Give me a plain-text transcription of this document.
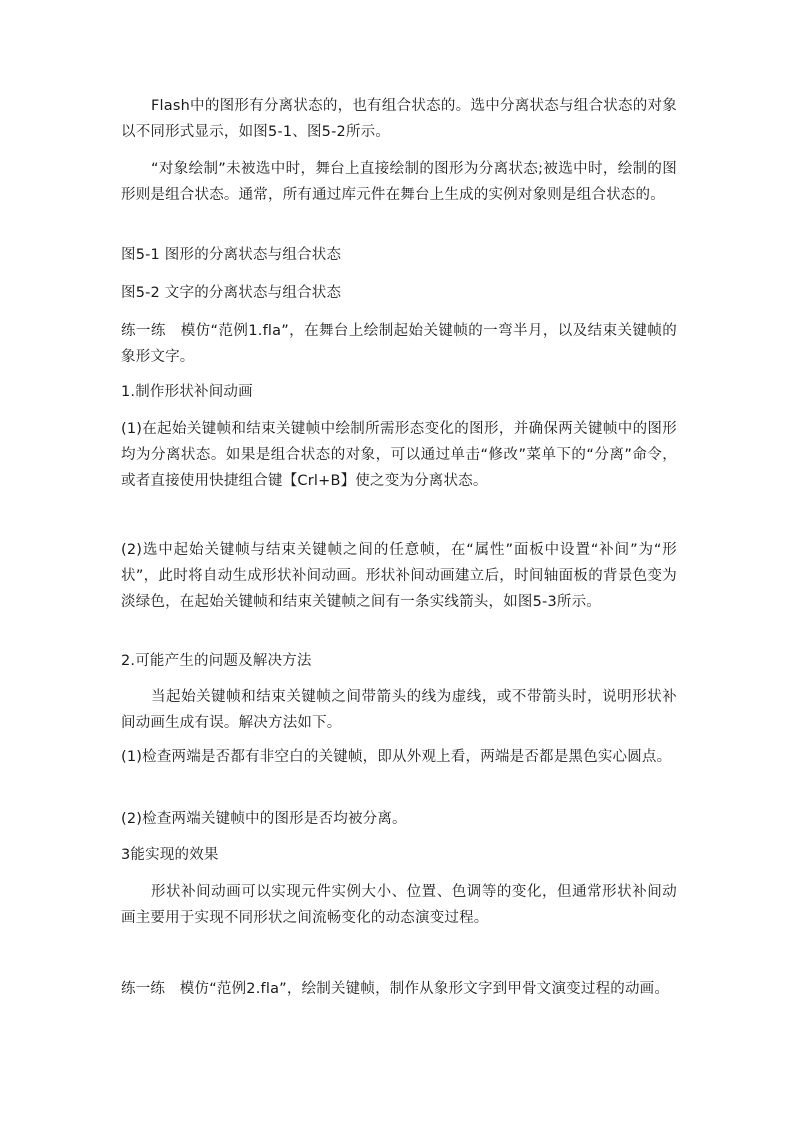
Flash中的图形有分离状态的，也有组合状态的。选中分离状态与组合状态的对象以不同形式显示，如图5-1、图5-2所示。

“对象绘制”未被选中时，舞台上直接绘制的图形为分离状态;被选中时，绘制的图形则是组合状态。通常，所有通过库元件在舞台上生成的实例对象则是组合状态的。

图5-1 图形的分离状态与组合状态

图5-2 文字的分离状态与组合状态

练一练　模仿“范例1.fla”，在舞台上绘制起始关键帧的一弯半月，以及结束关键帧的象形文字。

1.制作形状补间动画

(1)在起始关键帧和结束关键帧中绘制所需形态变化的图形，并确保两关键帧中的图形均为分离状态。如果是组合状态的对象，可以通过单击“修改”菜单下的“分离”命令，或者直接使用快捷组合键【Crl+B】使之变为分离状态。

(2)选中起始关键帧与结束关键帧之间的任意帧，在“属性”面板中设置“补间”为“形状”，此时将自动生成形状补间动画。形状补间动画建立后，时间轴面板的背景色变为淡绿色，在起始关键帧和结束关键帧之间有一条实线箭头，如图5-3所示。

2.可能产生的问题及解决方法

当起始关键帧和结束关键帧之间带箭头的线为虚线，或不带箭头时，说明形状补间动画生成有误。解决方法如下。

(1)检查两端是否都有非空白的关键帧，即从外观上看，两端是否都是黑色实心圆点。

(2)检查两端关键帧中的图形是否均被分离。

3能实现的效果

形状补间动画可以实现元件实例大小、位置、色调等的变化，但通常形状补间动画主要用于实现不同形状之间流畅变化的动态演变过程。

练一练　模仿“范例2.fla”，绘制关键帧，制作从象形文字到甲骨文演变过程的动画。
